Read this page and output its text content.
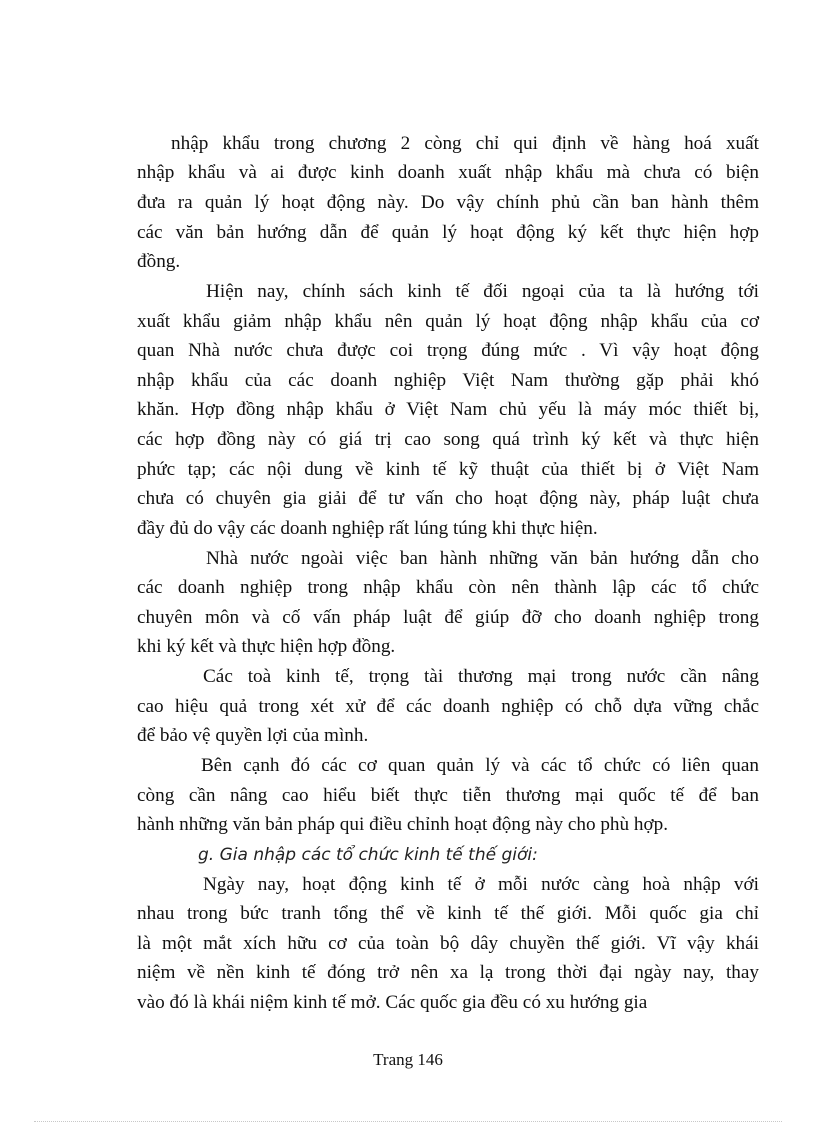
nhập khẩu trong chương 2 còng chỉ qui định về hàng hoá xuất
nhập khẩu và ai được kinh doanh xuất nhập khẩu mà chưa có biện
đưa ra quản lý hoạt động này. Do vậy chính phủ cần ban hành thêm
các văn bản hướng dẫn để quản lý hoạt động ký kết thực hiện hợp
đồng.
Hiện nay, chính sách kinh tế đối ngoại của ta là hướng tới
xuất khẩu giảm nhập khẩu nên quản lý hoạt động nhập khẩu của cơ
quan Nhà nước chưa được coi trọng đúng mức . Vì vậy hoạt động
nhập khẩu của các doanh nghiệp Việt Nam thường gặp phải khó
khăn. Hợp đồng nhập khẩu ở Việt Nam chủ yếu là máy móc thiết bị,
các hợp đồng này có giá trị cao song quá trình ký kết và thực hiện
phức tạp; các nội dung về kinh tế kỹ thuật của thiết bị ở Việt Nam
chưa có chuyên gia giải để tư vấn cho hoạt động này, pháp luật chưa
đầy đủ do vậy các doanh nghiệp rất lúng túng khi thực hiện.
Nhà nước ngoài việc ban hành những văn bản hướng dẫn cho
các doanh nghiệp trong nhập khẩu còn nên thành lập các tổ chức
chuyên môn và cố vấn pháp luật để giúp đỡ cho doanh nghiệp trong
khi ký kết và thực hiện hợp đồng.
Các toà kinh tế, trọng tài thương mại trong nước cần nâng
cao hiệu quả trong xét xử để các doanh nghiệp có chỗ dựa vững chắc
để bảo vệ quyền lợi của mình.
Bên cạnh đó các cơ quan quản lý và các tổ chức có liên quan
còng cần nâng cao hiểu biết thực tiễn thương mại quốc tế để ban
hành những văn bản pháp qui điều chỉnh hoạt động này cho phù hợp.
g. Gia nhập các tổ chức kinh tế thế giới:
Ngày nay, hoạt động kinh tế ở mỗi nước càng hoà nhập với
nhau trong bức tranh tổng thể về kinh tế thế giới. Mỗi quốc gia chỉ
là một mắt xích hữu cơ của toàn bộ dây chuyền thế giới. Vĩ vậy khái
niệm về nền kinh tế đóng trở nên xa lạ trong thời đại ngày nay, thay
vào đó là khái niệm kinh tế mở. Các quốc gia đều có xu hướng gia
Trang 146
